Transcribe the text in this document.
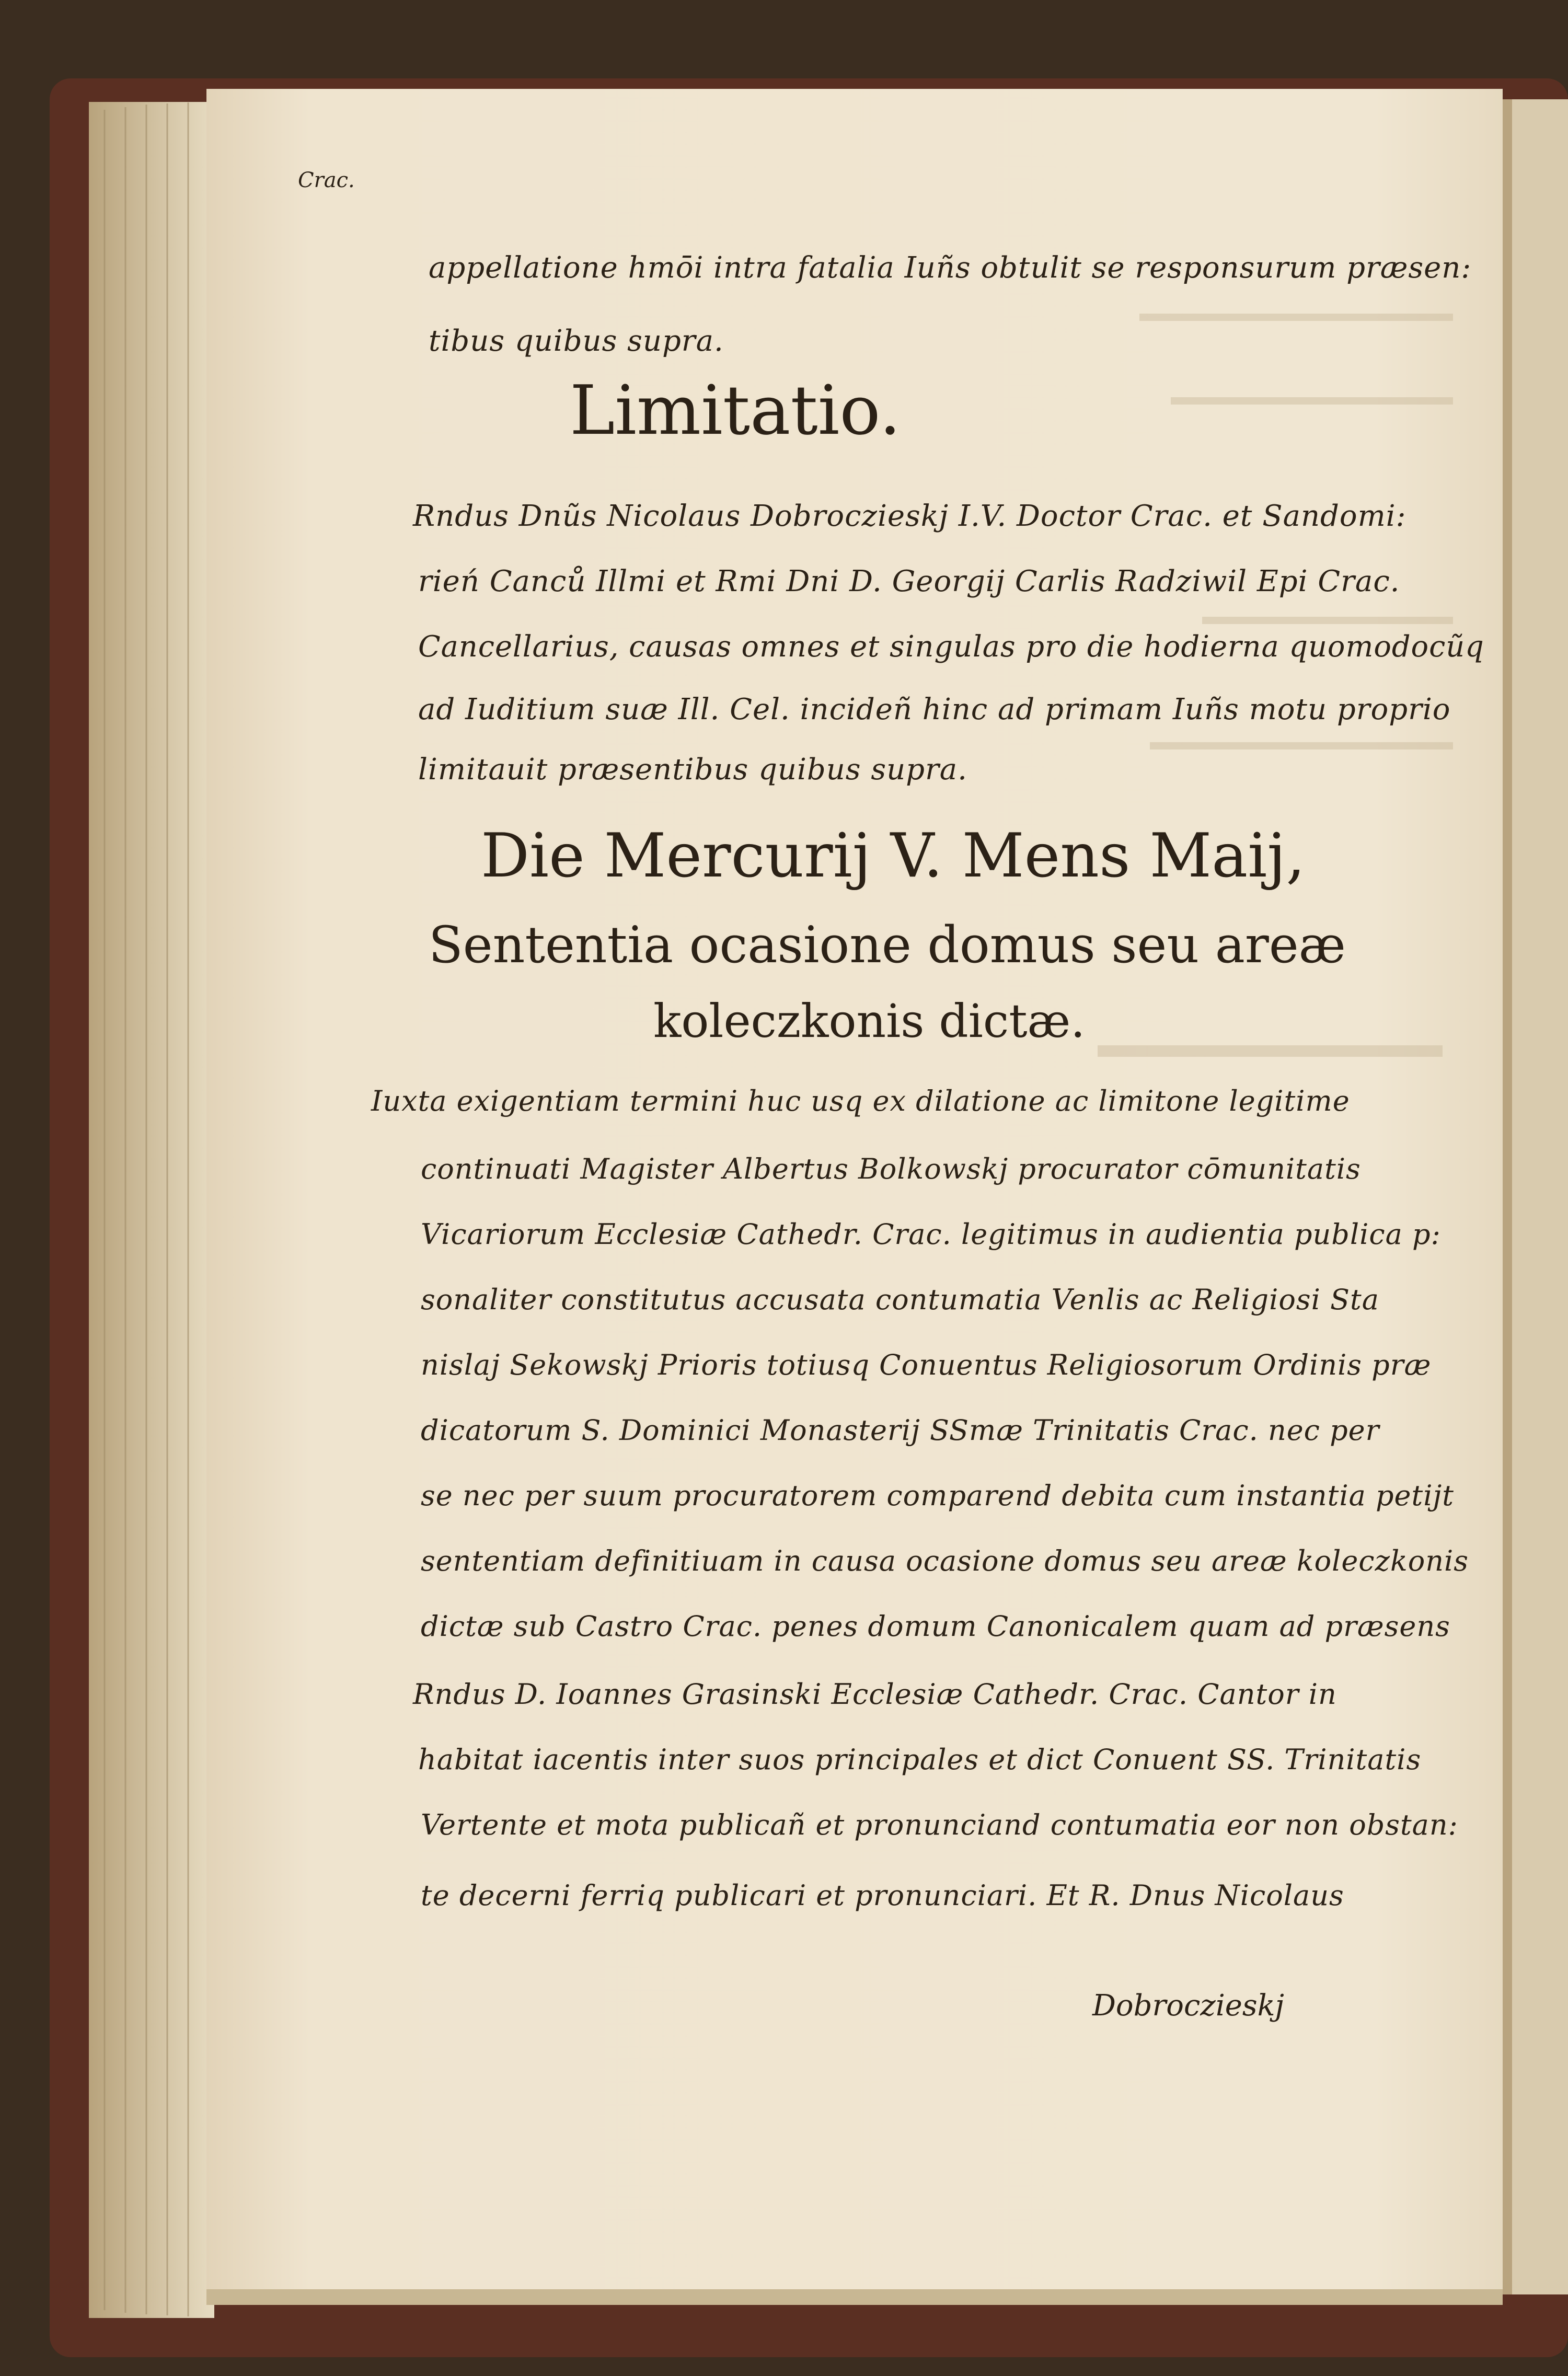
Crac.

appellatione hmōi intra fatalia Iuñs obtulit se responsurum præsen:

tibus quibus supra.

Limitatio.

Rndus Dnũs Nicolaus Dobroczieskj I.V. Doctor Crac. et Sandomi:

rień Canců Illmi et Rmi Dni D. Georgij Carlis Radziwil Epi Crac.

Cancellarius, causas omnes et singulas pro die hodierna quomodocũq

ad Iuditium suæ Ill. Cel. incideñ hinc ad primam Iuñs motu proprio

limitauit præsentibus quibus supra.

Die Mercurij V. Mens Maij,

Sententia ocasione domus seu areæ

koleczkonis dictæ.

Iuxta exigentiam termini huc usq ex dilatione ac limitone legitime

continuati Magister Albertus Bolkowskj procurator cōmunitatis

Vicariorum Ecclesiæ Cathedr. Crac. legitimus in audientia publica p:

sonaliter constitutus accusata contumatia Venlis ac Religiosi Sta

nislaj Sekowskj Prioris totiusq Conuentus Religiosorum Ordinis præ

dicatorum S. Dominici Monasterij SSmæ Trinitatis Crac. nec per

se nec per suum procuratorem comparend debita cum instantia petijt

sententiam definitiuam in causa ocasione domus seu areæ koleczkonis

dictæ sub Castro Crac. penes domum Canonicalem quam ad præsens

Rndus D. Ioannes Grasinski Ecclesiæ Cathedr. Crac. Cantor in

habitat iacentis inter suos principales et dict Conuent SS. Trinitatis

Vertente et mota publicañ et pronunciand contumatia eor non obstan:

te decerni ferriq publicari et pronunciari. Et R. Dnus Nicolaus

Dobroczieskj
